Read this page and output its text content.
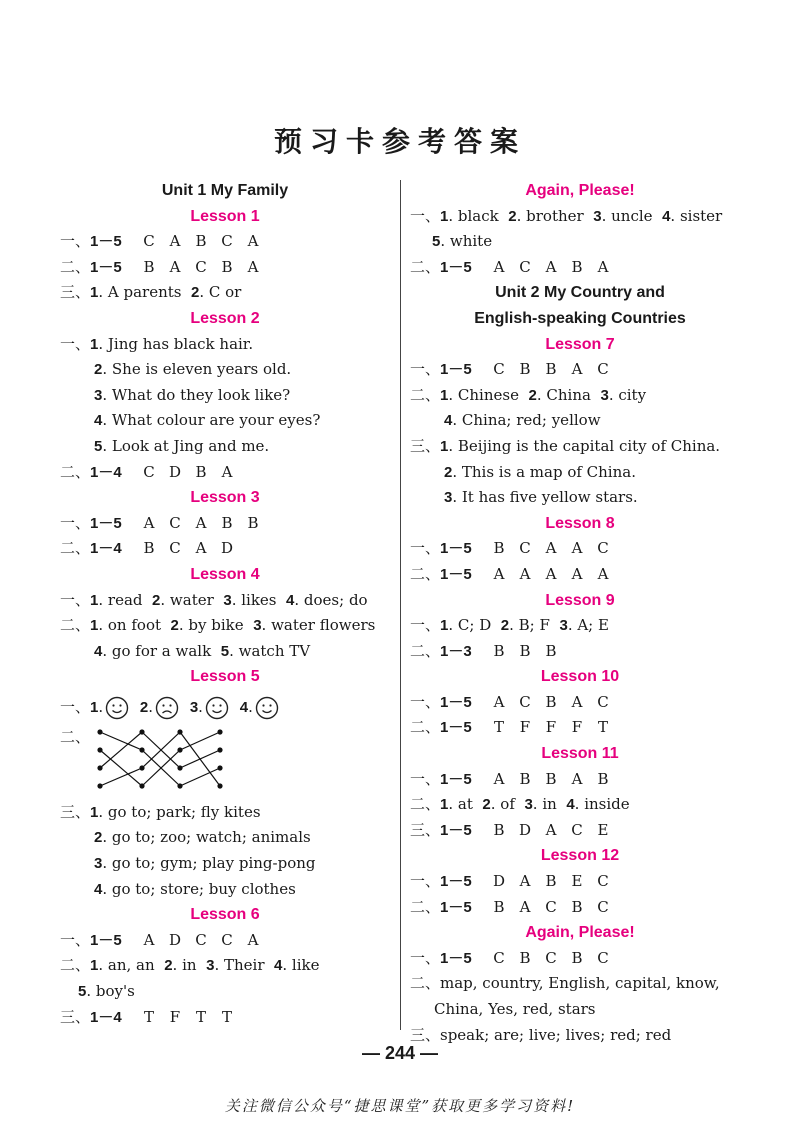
预习卡参考答案
Unit 1 My Family
Lesson 1
一、1－5 C A B C A
二、1－5 B A C B A
三、1. A parents  2. C or
Lesson 2
一、1. Jing has black hair.
2. She is eleven years old.
3. What do they look like?
4. What colour are your eyes?
5. Look at Jing and me.
二、1－4 C D B A
Lesson 3
一、1－5 A C A B B
二、1－4 B C A D
Lesson 4
一、1. read  2. water  3. likes  4. does; do
二、1. on foot  2. by bike  3. water flowers
4. go for a walk  5. watch TV
Lesson 5
一、1. 2. 3. 4.
二、
三、1. go to; park; fly kites
2. go to; zoo; watch; animals
3. go to; gym; play ping-pong
4. go to; store; buy clothes
Lesson 6
一、1－5 A D C C A
二、1. an, an  2. in  3. Their  4. like
5. boy's
三、1－4 T F T T
Again, Please!
一、1. black  2. brother  3. uncle  4. sister
5. white
二、1－5 A C A B A
Unit 2 My Country and
English-speaking Countries
Lesson 7
一、1－5 C B B A C
二、1. Chinese  2. China  3. city
4. China; red; yellow
三、1. Beijing is the capital city of China.
2. This is a map of China.
3. It has five yellow stars.
Lesson 8
一、1－5 B C A A C
二、1－5 A A A A A
Lesson 9
一、1. C; D  2. B; F  3. A; E
二、1－3 B B B
Lesson 10
一、1－5 A C B A C
二、1－5 T F F F T
Lesson 11
一、1－5 A B B A B
二、1. at  2. of  3. in  4. inside
三、1－5 B D A C E
Lesson 12
一、1－5 D A B E C
二、1－5 B A C B C
Again, Please!
一、1－5 C B C B C
二、map, country, English, capital, know,
China, Yes, red, stars
三、speak; are; live; lives; red; red
— 244 —
关注微信公众号“捷思课堂”获取更多学习资料!
